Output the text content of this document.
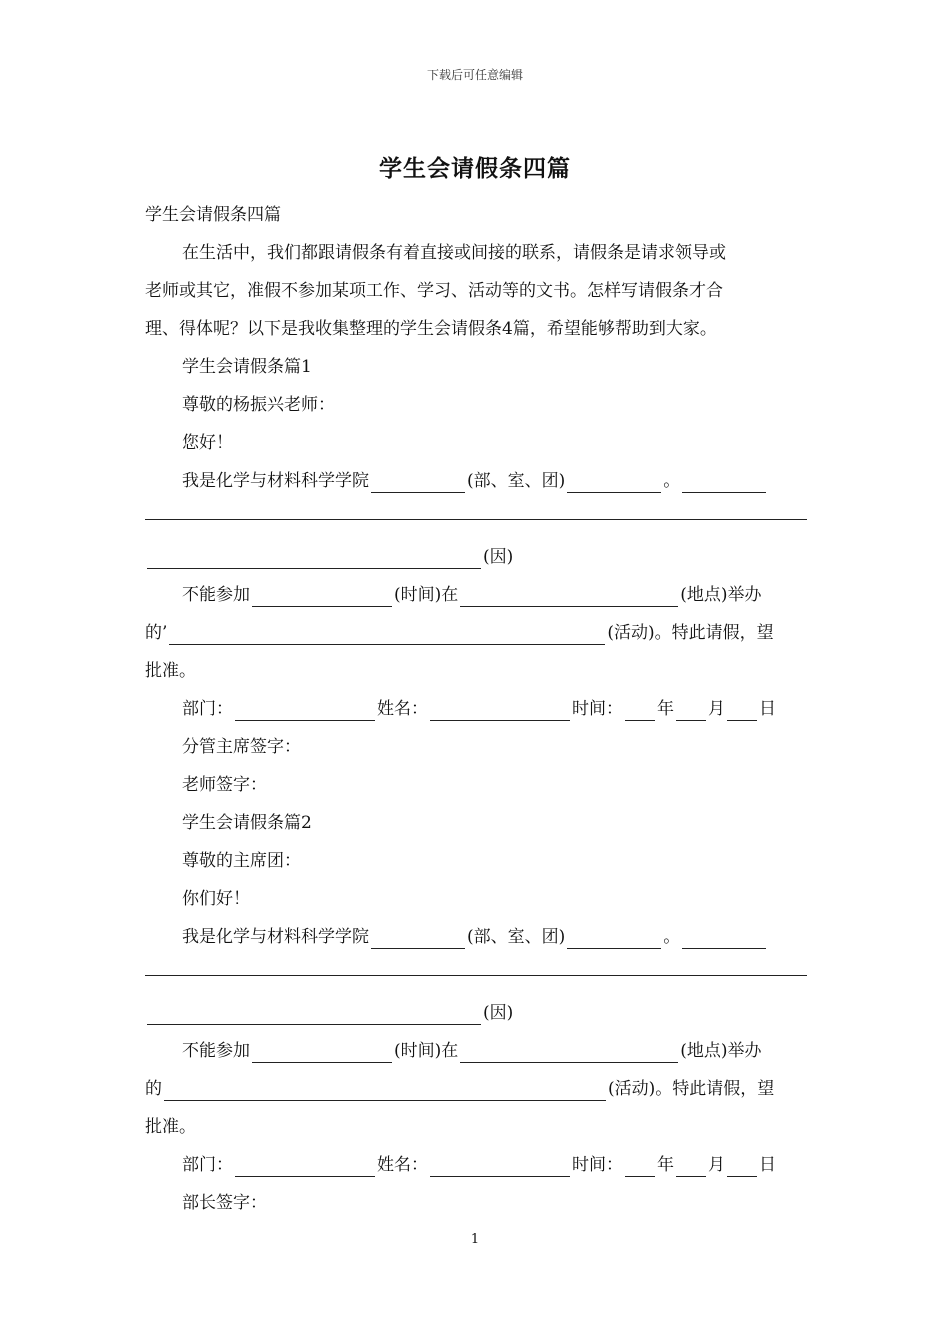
下载后可任意编辑
学生会请假条四篇
学生会请假条四篇
在生活中，我们都跟请假条有着直接或间接的联系，请假条是请求领导或
老师或其它，准假不参加某项工作、学习、活动等的文书。怎样写请假条才合
理、得体呢？以下是我收集整理的学生会请假条4篇，希望能够帮助到大家。
学生会请假条篇1
尊敬的杨振兴老师：
您好！
我是化学与材料科学学院	(部、室、团)	。
(因)
不能参加	(时间)在	(地点)举办
的’	(活动)。特此请假，望
批准。
部门：	姓名：	时间： 年 月 日
分管主席签字：
老师签字：
学生会请假条篇2
尊敬的主席团：
你们好！
我是化学与材料科学学院	(部、室、团)	。
(因)
不能参加	(时间)在	(地点)举办
的	(活动)。特此请假，望
批准。
部门：	姓名：	时间： 年 月 日
部长签字：
1
